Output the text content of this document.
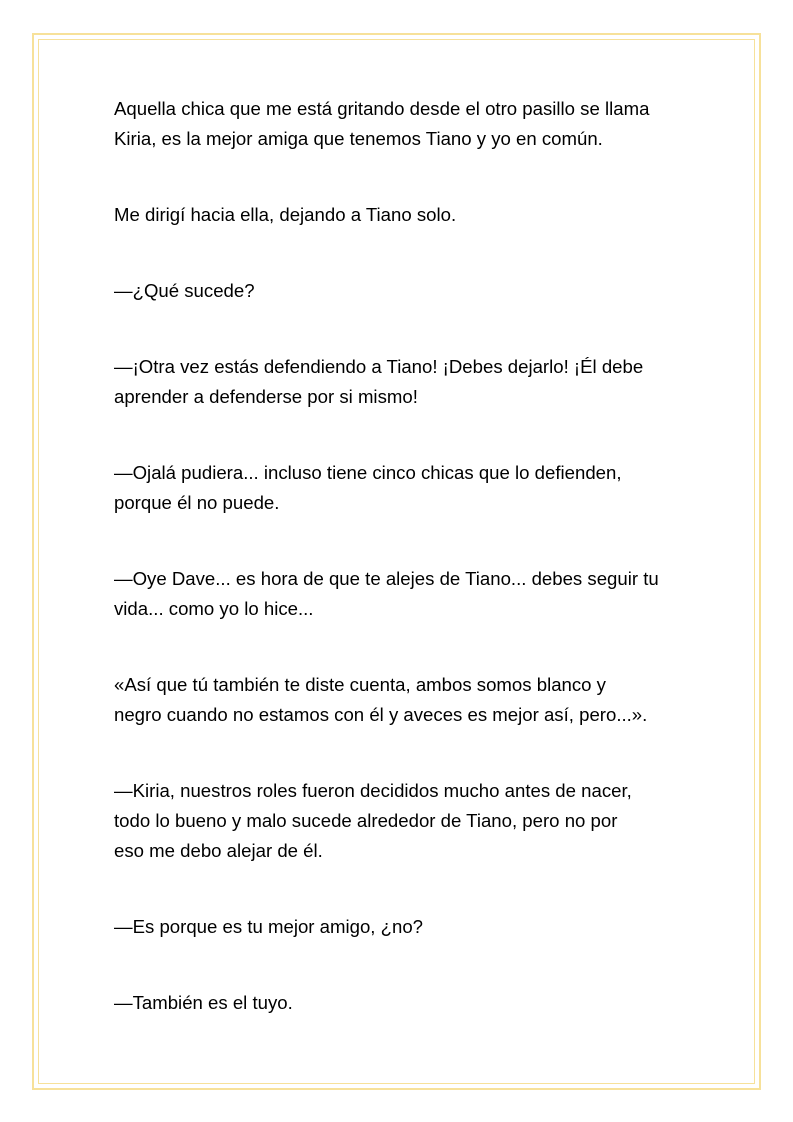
Aquella chica que me está gritando desde el otro pasillo se llama
Kiria, es la mejor amiga que tenemos Tiano y yo en común.

Me dirigí hacia ella, dejando a Tiano solo.

—¿Qué sucede?

—¡Otra vez estás defendiendo a Tiano! ¡Debes dejarlo! ¡Él debe
aprender a defenderse por si mismo!

—Ojalá pudiera... incluso tiene cinco chicas que lo defienden,
porque él no puede.

—Oye Dave... es hora de que te alejes de Tiano... debes seguir tu
vida... como yo lo hice...

«Así que tú también te diste cuenta, ambos somos blanco y
negro cuando no estamos con él y aveces es mejor así, pero...».

—Kiria, nuestros roles fueron decididos mucho antes de nacer,
todo lo bueno y malo sucede alrededor de Tiano, pero no por
eso me debo alejar de él.

—Es porque es tu mejor amigo, ¿no?

—También es el tuyo.
